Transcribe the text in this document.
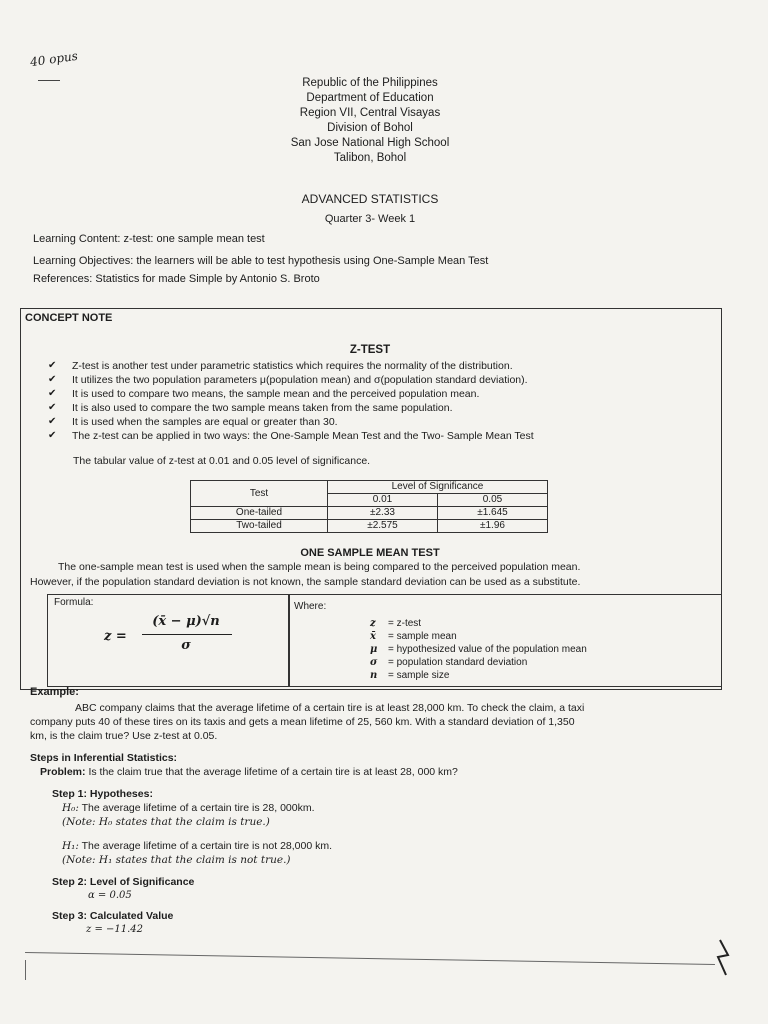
40 opus
Republic of the Philippines
Department of Education
Region VII, Central Visayas
Division of Bohol
San Jose National High School
Talibon, Bohol
ADVANCED STATISTICS
Quarter 3- Week 1
Learning Content: z-test: one sample mean test
Learning Objectives: the learners will be able to test hypothesis using One-Sample Mean Test
References: Statistics for made Simple by Antonio S. Broto
CONCEPT NOTE
Z-TEST
✔ Z-test is another test under parametric statistics which requires the normality of the distribution.
✔ It utilizes the two population parameters μ(population mean) and σ(population standard deviation).
✔ It is used to compare two means, the sample mean and the perceived population mean.
✔ It is also used to compare the two sample means taken from the same population.
✔ It is used when the samples are equal or greater than 30.
✔ The z-test can be applied in two ways: the One-Sample Mean Test and the Two- Sample Mean Test
The tabular value of z-test at 0.01 and 0.05 level of significance.
Test	Level of Significance	
	0.01	0.05
One-tailed	±2.33	±1.645
Two-tailed	±2.575	±1.96
ONE SAMPLE MEAN TEST
The one-sample mean test is used when the sample mean is being compared to the perceived population mean.
However, if the population standard deviation is not known, the sample standard deviation can be used as a substitute.
Formula:
z =
(x̄ − μ)√n
σ
Where:
z = z-test
x̄ = sample mean
μ = hypothesized value of the population mean
σ = population standard deviation
n = sample size
Example:
ABC company claims that the average lifetime of a certain tire is at least 28,000 km. To check the claim, a taxi
company puts 40 of these tires on its taxis and gets a mean lifetime of 25, 560 km. With a standard deviation of 1,350
km, is the claim true? Use z-test at 0.05.
Steps in Inferential Statistics:
Problem: Is the claim true that the average lifetime of a certain tire is at least 28, 000 km?
Step 1: Hypotheses:
H₀: The average lifetime of a certain tire is 28, 000km.
(Note: H₀ states that the claim is true.)
H₁: The average lifetime of a certain tire is not 28,000 km.
(Note: H₁ states that the claim is not true.)
Step 2: Level of Significance
α = 0.05
Step 3: Calculated Value
z = −11.42
